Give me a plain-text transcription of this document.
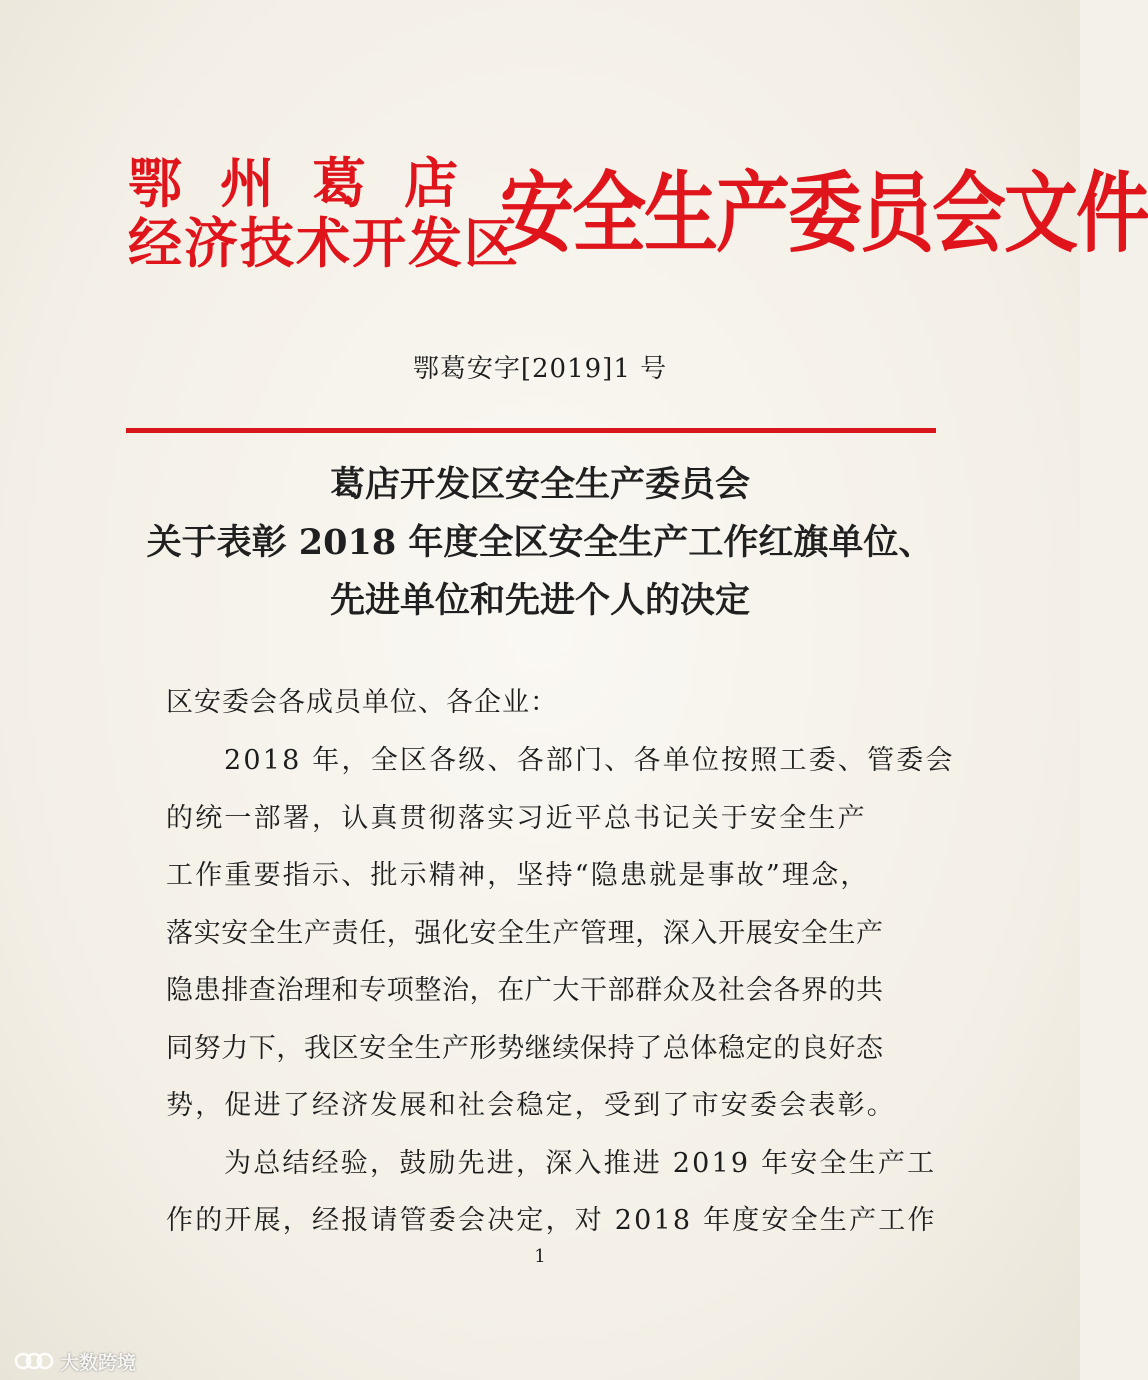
鄂州葛店
经济技术开发区
安全生产委员会文件
鄂葛安字[2019]1 号
葛店开发区安全生产委员会
关于表彰 2018 年度全区安全生产工作红旗单位、
先进单位和先进个人的决定
区安委会各成员单位、各企业：
2018 年，全区各级、各部门、各单位按照工委、管委会
的统一部署，认真贯彻落实习近平总书记关于安全生产
工作重要指示、批示精神，坚持“隐患就是事故”理念，
落实安全生产责任，强化安全生产管理，深入开展安全生产
隐患排查治理和专项整治，在广大干部群众及社会各界的共
同努力下，我区安全生产形势继续保持了总体稳定的良好态
势，促进了经济发展和社会稳定，受到了市安委会表彰。
为总结经验，鼓励先进，深入推进 2019 年安全生产工
作的开展，经报请管委会决定，对 2018 年度安全生产工作
1
大数跨境
